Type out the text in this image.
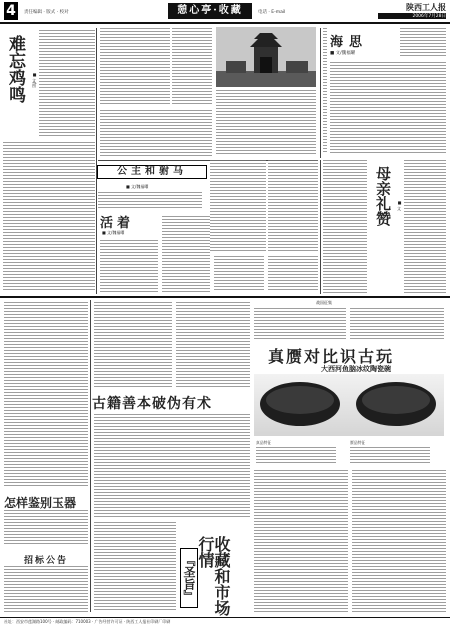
4	责任编辑 · 版式 · 校对	憩心亭·收藏	电话 · E-mail
陕西工人报
2006年7月28日
难忘鸡鸣	■ 文/图
海思
■ 文/魏福曜
公主和驸马
■ 文/魏福曜	母亲礼赞	■ 文
活着
■ 文/魏福曜
古籍善本破伪有术
战国征集
真赝对比识古玩
大西河鱼脑冰纹陶瓷碗
真品特征	赝品特征
怎样鉴别玉器
招标公告	『圣旨』	收藏和市场行情
社址：西安市莲湖路100号 · 邮政编码：710003 · 广告经营许可证 · 陕西工人报社印刷厂印刷
